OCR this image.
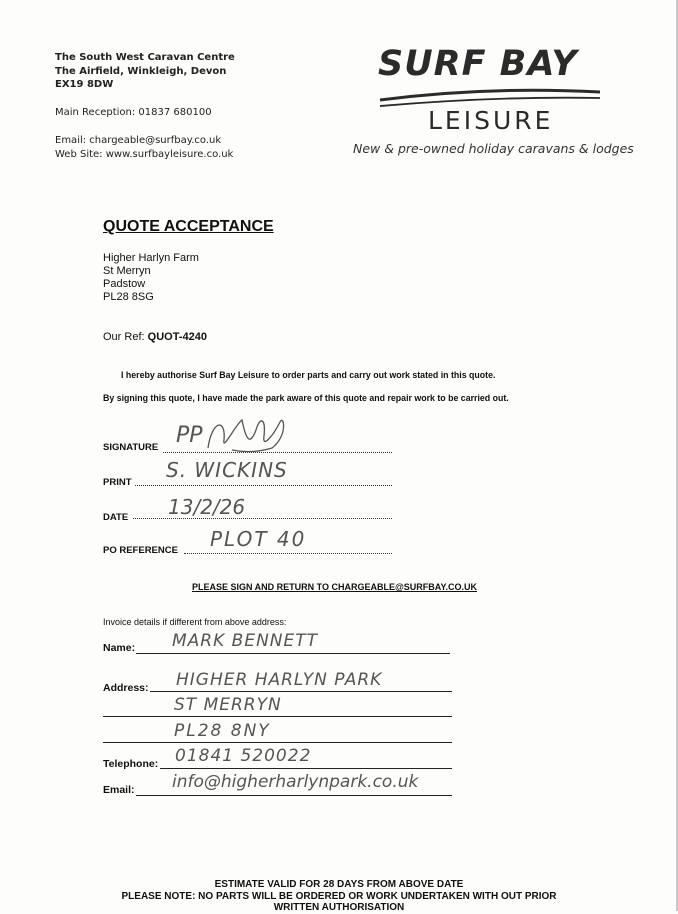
The South West Caravan Centre
The Airfield, Winkleigh, Devon
EX19 8DW
Main Reception: 01837 680100
Email: chargeable@surfbay.co.uk
Web Site: www.surfbayleisure.co.uk
SURF BAY
LEISURE
New & pre-owned holiday caravans & lodges
QUOTE ACCEPTANCE
Higher Harlyn Farm
St Merryn
Padstow
PL28 8SG
Our Ref: QUOT-4240
I hereby authorise Surf Bay Leisure to order parts and carry out work stated in this quote.
By signing this quote, I have made the park aware of this quote and repair work to be carried out.
SIGNATURE PP
PRINT
S. WICKINS
DATE 13/2/26
PO REFERENCE PLOT 40
PLEASE SIGN AND RETURN TO CHARGEABLE@SURFBAY.CO.UK
Invoice details if different from above address:
Name: MARK BENNETT
Address: HIGHER HARLYN PARK
ST MERRYN
PL28 8NY
Telephone: 01841 520022
Email: info@higherharlynpark.co.uk
ESTIMATE VALID FOR 28 DAYS FROM ABOVE DATE
PLEASE NOTE: NO PARTS WILL BE ORDERED OR WORK UNDERTAKEN WITH OUT PRIOR
WRITTEN AUTHORISATION
